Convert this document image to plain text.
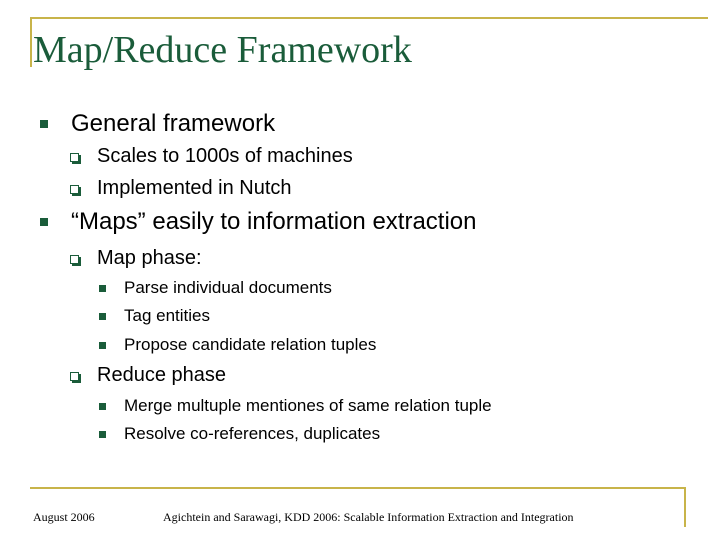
Map/Reduce Framework
General framework
Scales to 1000s of machines
Implemented in Nutch
“Maps” easily to information extraction
Map phase:
Parse individual documents
Tag entities
Propose candidate relation tuples
Reduce phase
Merge multuple mentiones of same relation tuple
Resolve co-references, duplicates
August 2006	Agichtein and Sarawagi, KDD 2006: Scalable Information Extraction and Integration
